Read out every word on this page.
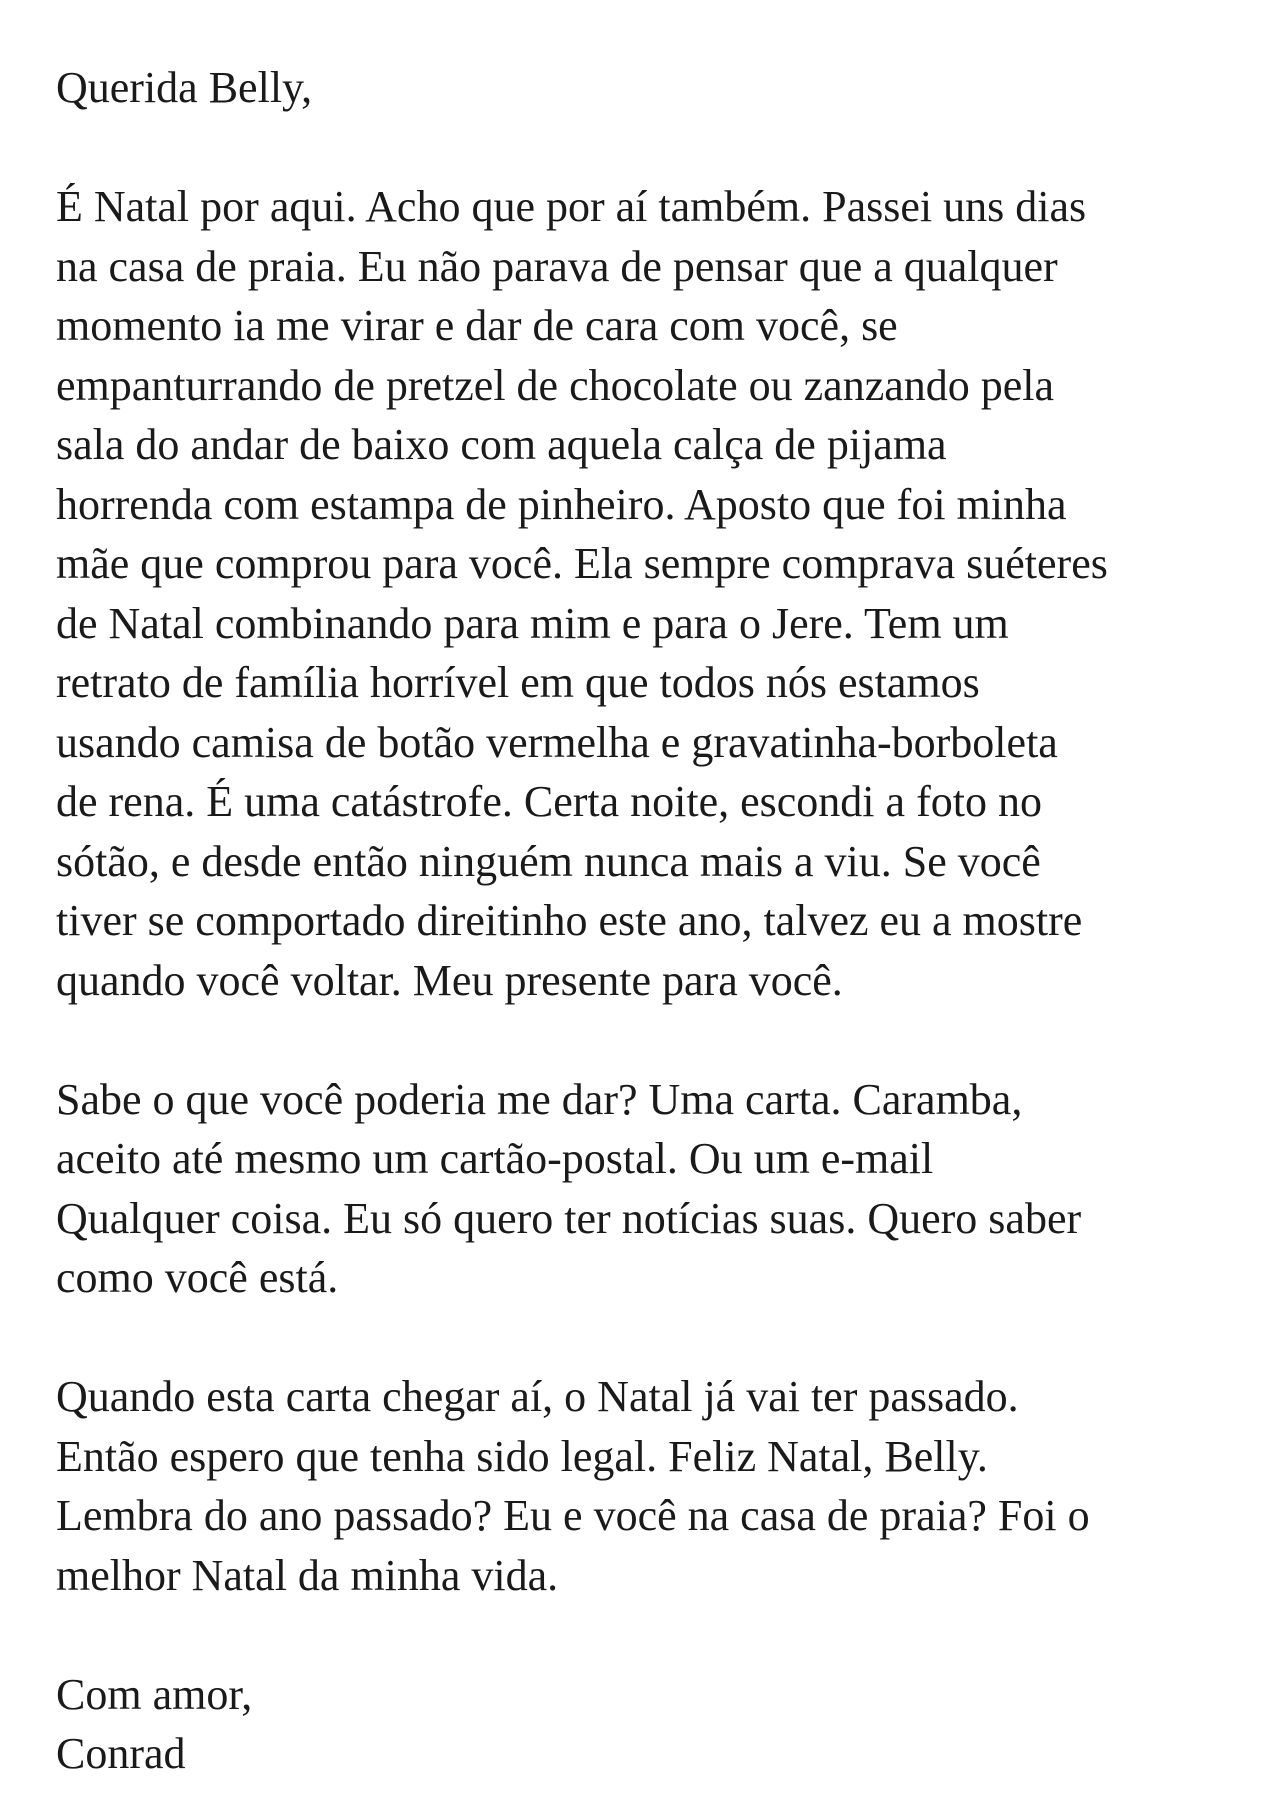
Querida Belly,
É Natal por aqui. Acho que por aí também. Passei uns dias
na casa de praia. Eu não parava de pensar que a qualquer
momento ia me virar e dar de cara com você, se
empanturrando de pretzel de chocolate ou zanzando pela
sala do andar de baixo com aquela calça de pijama
horrenda com estampa de pinheiro. Aposto que foi minha
mãe que comprou para você. Ela sempre comprava suéteres
de Natal combinando para mim e para o Jere. Tem um
retrato de família horrível em que todos nós estamos
usando camisa de botão vermelha e gravatinha-borboleta
de rena. É uma catástrofe. Certa noite, escondi a foto no
sótão, e desde então ninguém nunca mais a viu. Se você
tiver se comportado direitinho este ano, talvez eu a mostre
quando você voltar. Meu presente para você.
Sabe o que você poderia me dar? Uma carta. Caramba,
aceito até mesmo um cartão-postal. Ou um e-mail
Qualquer coisa. Eu só quero ter notícias suas. Quero saber
como você está.
Quando esta carta chegar aí, o Natal já vai ter passado.
Então espero que tenha sido legal. Feliz Natal, Belly.
Lembra do ano passado? Eu e você na casa de praia? Foi o
melhor Natal da minha vida.
Com amor,
Conrad
